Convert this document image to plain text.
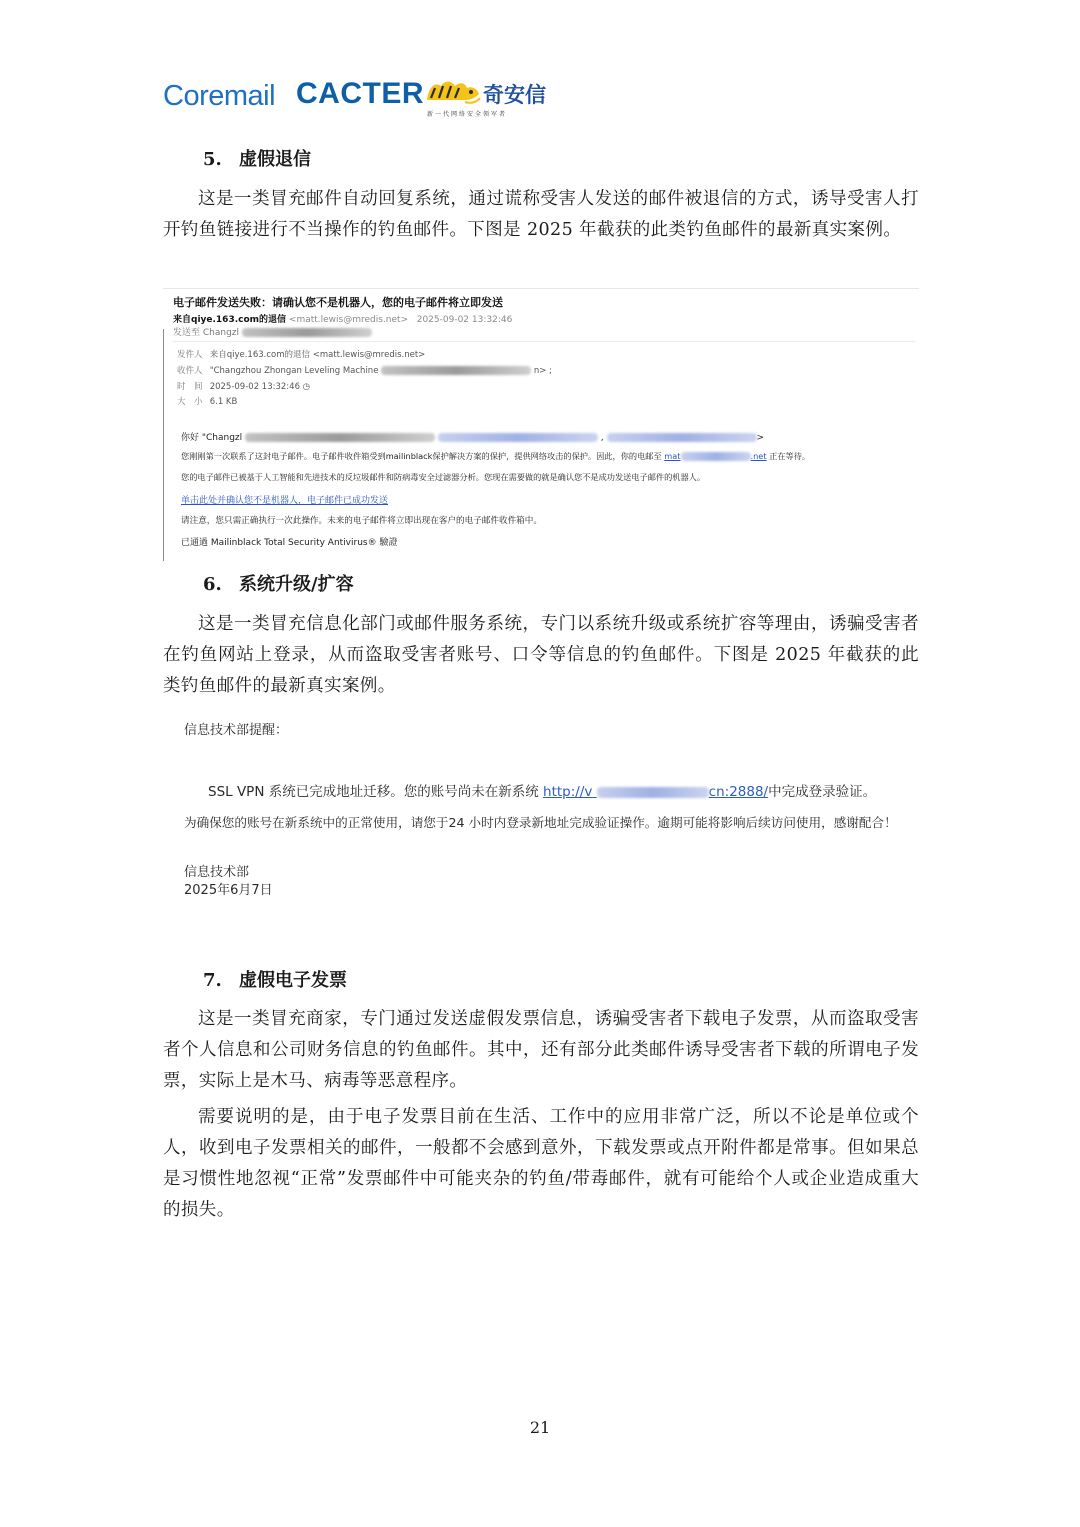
Coremail CACTER	奇安信
新一代网络安全领军者
5. 虚假退信

这是一类冒充邮件自动回复系统，通过谎称受害人发送的邮件被退信的方式，诱导受害人打开钓鱼链接进行不当操作的钓鱼邮件。下图是 2025 年截获的此类钓鱼邮件的最新真实案例。

电子邮件发送失败：请确认您不是机器人，您的电子邮件将立即发送
来自qiye.163.com的退信 <matt.lewis@mredis.net> 2025-09-02 13:32:46
发送至 Changzl
发件人 来自qiye.163.com的退信 <matt.lewis@mredis.net>
收件人 "Changzhou Zhongan Leveling Machine	n> ;
时　间 2025-09-02 13:32:46 ◷
大　小 6.1 KB
你好 "Changzl	,	>
您刚刚第一次联系了这封电子邮件。电子邮件收件箱受到mailinblack保护解决方案的保护，提供网络攻击的保护。因此，你的电邮至 mat	.net 正在等待。
您的电子邮件已被基于人工智能和先进技术的反垃圾邮件和防病毒安全过滤器分析。您现在需要做的就是确认您不是成功发送电子邮件的机器人。
单击此处并确认您不是机器人，电子邮件已成功发送
请注意，您只需正确执行一次此操作。未来的电子邮件将立即出现在客户的电子邮件收件箱中。
已通過 Mailinblack Total Security Antivirus® 驗證
6. 系统升级/扩容

这是一类冒充信息化部门或邮件服务系统，专门以系统升级或系统扩容等理由，诱骗受害者在钓鱼网站上登录，从而盗取受害者账号、口令等信息的钓鱼邮件。下图是 2025 年截获的此类钓鱼邮件的最新真实案例。

信息技术部提醒：
SSL VPN 系统已完成地址迁移。您的账号尚未在新系统 http://v	cn:2888/中完成登录验证。
为确保您的账号在新系统中的正常使用，请您于24 小时内登录新地址完成验证操作。逾期可能将影响后续访问使用，感谢配合！
信息技术部
2025年6月7日
7. 虚假电子发票

这是一类冒充商家，专门通过发送虚假发票信息，诱骗受害者下载电子发票，从而盗取受害者个人信息和公司财务信息的钓鱼邮件。其中，还有部分此类邮件诱导受害者下载的所谓电子发票，实际上是木马、病毒等恶意程序。

需要说明的是，由于电子发票目前在生活、工作中的应用非常广泛，所以不论是单位或个人，收到电子发票相关的邮件，一般都不会感到意外，下载发票或点开附件都是常事。但如果总是习惯性地忽视“正常”发票邮件中可能夹杂的钓鱼/带毒邮件，就有可能给个人或企业造成重大的损失。

21
